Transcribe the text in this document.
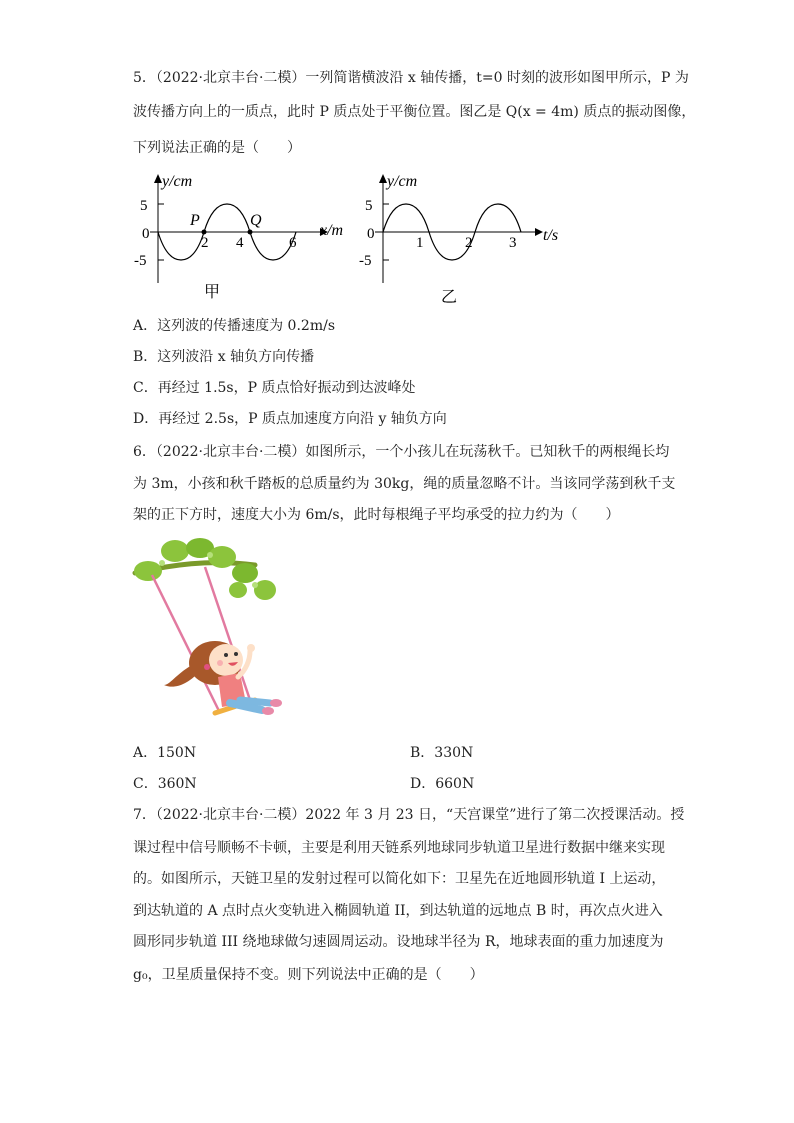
5．（2022·北京丰台·二模）一列简谐横波沿 x 轴传播，t=0 时刻的波形如图甲所示，P 为
波传播方向上的一质点，此时 P 质点处于平衡位置。图乙是 Q(x = 4m) 质点的振动图像，
下列说法正确的是（　　）
y/cm
x/m
5
0
-5
2 4	6
P	Q
甲
y/cm
t/s
5
0
-5
1	2 3
乙
A．这列波的传播速度为 0.2m/s
B．这列波沿 x 轴负方向传播
C．再经过 1.5s，P 质点恰好振动到达波峰处
D．再经过 2.5s，P 质点加速度方向沿 y 轴负方向
6．（2022·北京丰台·二模）如图所示，一个小孩儿在玩荡秋千。已知秋千的两根绳长均
为 3m，小孩和秋千踏板的总质量约为 30kg，绳的质量忽略不计。当该同学荡到秋千支
架的正下方时，速度大小为 6m/s，此时每根绳子平均承受的拉力约为（　　）
A．150N	B．330N
C．360N	D．660N
7．（2022·北京丰台·二模）2022 年 3 月 23 日，“天宫课堂”进行了第二次授课活动。授
课过程中信号顺畅不卡顿，主要是利用天链系列地球同步轨道卫星进行数据中继来实现
的。如图所示，天链卫星的发射过程可以简化如下：卫星先在近地圆形轨道 I 上运动，
到达轨道的 A 点时点火变轨进入椭圆轨道 II，到达轨道的远地点 B 时，再次点火进入
圆形同步轨道 III 绕地球做匀速圆周运动。设地球半径为 R，地球表面的重力加速度为
g₀，卫星质量保持不变。则下列说法中正确的是（　　）
